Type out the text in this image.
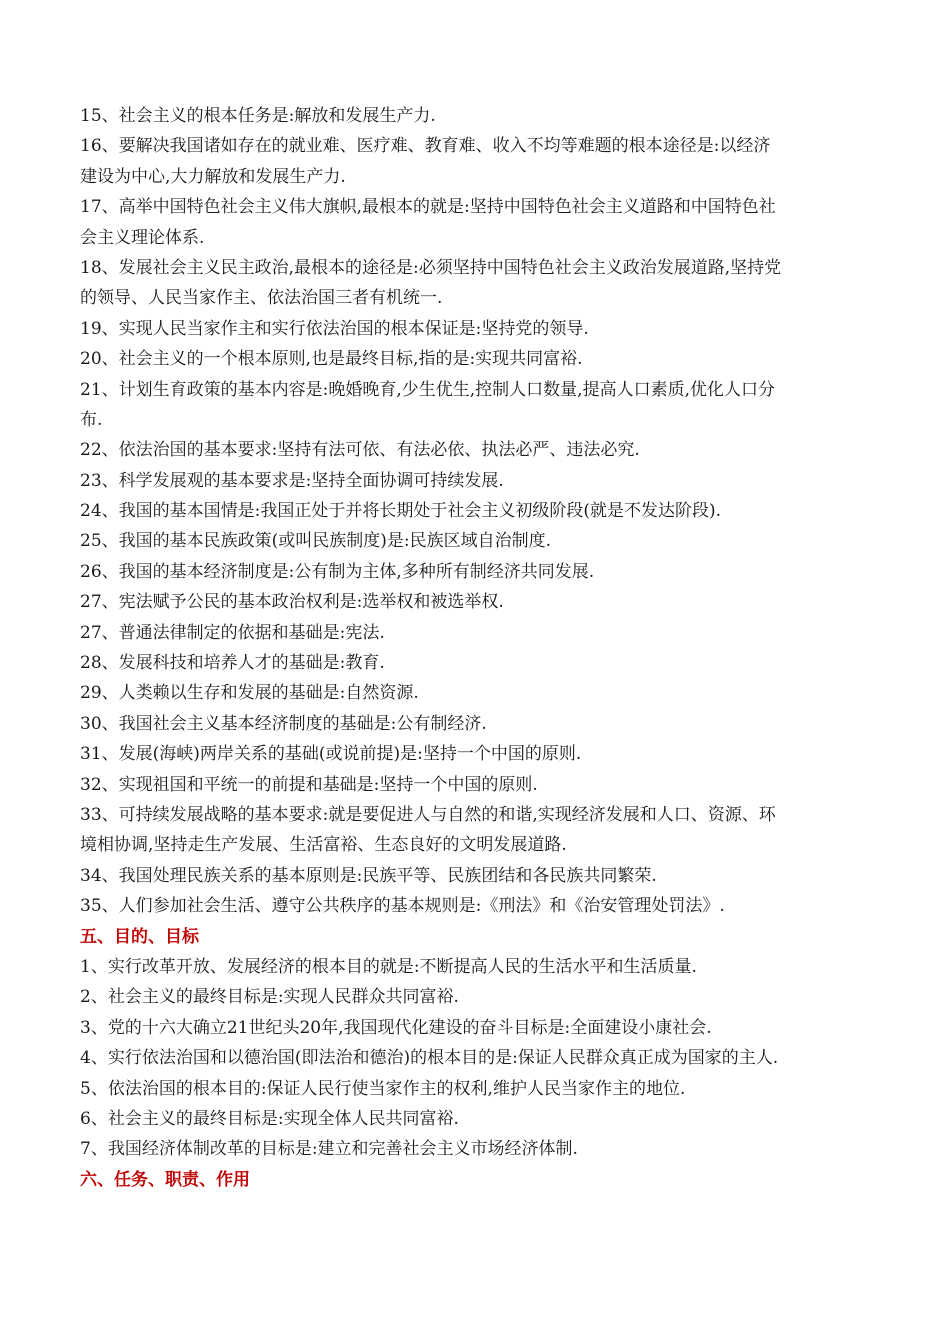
15、社会主义的根本任务是:解放和发展生产力.
16、要解决我国诸如存在的就业难、医疗难、教育难、收入不均等难题的根本途径是:以经济
建设为中心,大力解放和发展生产力.
17、高举中国特色社会主义伟大旗帜,最根本的就是:坚持中国特色社会主义道路和中国特色社
会主义理论体系.
18、发展社会主义民主政治,最根本的途径是:必须坚持中国特色社会主义政治发展道路,坚持党
的领导、人民当家作主、依法治国三者有机统一.
19、实现人民当家作主和实行依法治国的根本保证是:坚持党的领导.
20、社会主义的一个根本原则,也是最终目标,指的是:实现共同富裕.
21、计划生育政策的基本内容是:晚婚晚育,少生优生,控制人口数量,提高人口素质,优化人口分
布.
22、依法治国的基本要求:坚持有法可依、有法必依、执法必严、违法必究.
23、科学发展观的基本要求是:坚持全面协调可持续发展.
24、我国的基本国情是:我国正处于并将长期处于社会主义初级阶段(就是不发达阶段).
25、我国的基本民族政策(或叫民族制度)是:民族区域自治制度.
26、我国的基本经济制度是:公有制为主体,多种所有制经济共同发展.
27、宪法赋予公民的基本政治权利是:选举权和被选举权.
27、普通法律制定的依据和基础是:宪法.
28、发展科技和培养人才的基础是:教育.
29、人类赖以生存和发展的基础是:自然资源.
30、我国社会主义基本经济制度的基础是:公有制经济.
31、发展(海峡)两岸关系的基础(或说前提)是:坚持一个中国的原则.
32、实现祖国和平统一的前提和基础是:坚持一个中国的原则.
33、可持续发展战略的基本要求:就是要促进人与自然的和谐,实现经济发展和人口、资源、环
境相协调,坚持走生产发展、生活富裕、生态良好的文明发展道路.
34、我国处理民族关系的基本原则是:民族平等、民族团结和各民族共同繁荣.
35、人们参加社会生活、遵守公共秩序的基本规则是:《刑法》和《治安管理处罚法》.
五、目的、目标
1、实行改革开放、发展经济的根本目的就是:不断提高人民的生活水平和生活质量.
2、社会主义的最终目标是:实现人民群众共同富裕.
3、党的十六大确立21世纪头20年,我国现代化建设的奋斗目标是:全面建设小康社会.
4、实行依法治国和以德治国(即法治和德治)的根本目的是:保证人民群众真正成为国家的主人.
5、依法治国的根本目的:保证人民行使当家作主的权利,维护人民当家作主的地位.
6、社会主义的最终目标是:实现全体人民共同富裕.
7、我国经济体制改革的目标是:建立和完善社会主义市场经济体制.
六、任务、职责、作用
